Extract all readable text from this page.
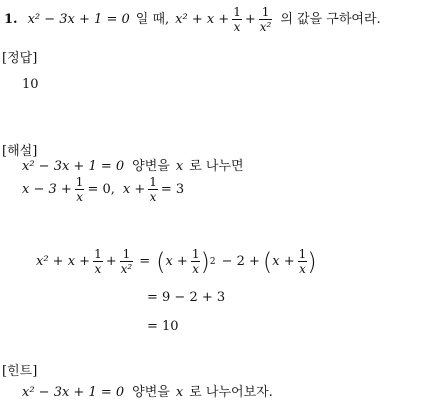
1. x² − 3x + 1 = 0 일 때, $x^2 + x + \frac{1}{x} + \frac{1}{\text{x²}}$ 의 값을 구하여라.
[정답]
10
[해설]
x² − 3x + 1 = 0 양변을 x 로 나누면
$x - 3 + \frac{1}{x} = 0$, $x + \frac{1}{x} = 3$
$x^2 + x + \frac{1}{x} + \frac{1}{\text{x²}}$ = ( $x + \frac{1}{x}$ ) 2 − 2 + ( $x + \frac{1}{x}$ )
= 9 − 2 + 3
= 10
[힌트]
x² − 3x + 1 = 0 양변을 x 로 나누어보자.
